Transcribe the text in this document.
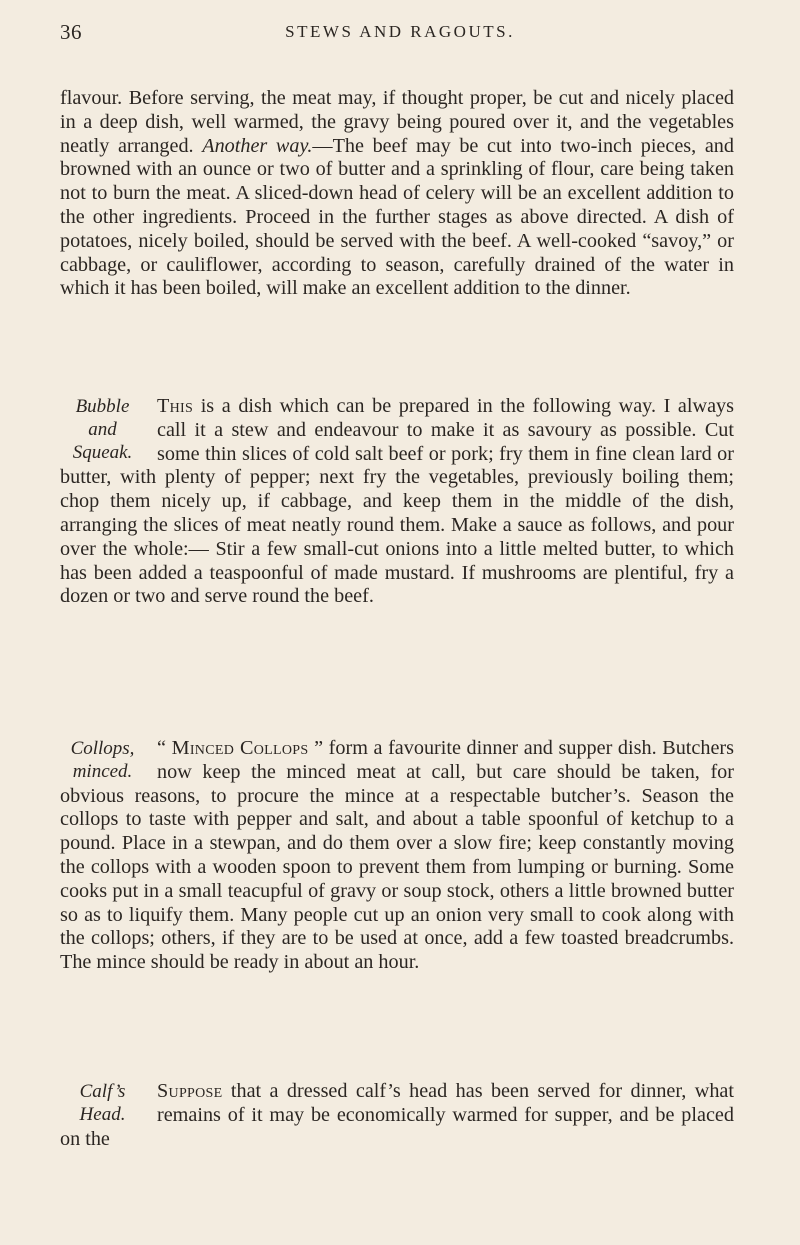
36	STEWS AND RAGOUTS.

flavour. Before serving, the meat may, if thought proper, be cut and nicely placed in a deep dish, well warmed, the gravy being poured over it, and the vegetables neatly arranged. Another way.—The beef may be cut into two-inch pieces, and browned with an ounce or two of butter and a sprinkling of flour, care being taken not to burn the meat. A sliced-down head of celery will be an excellent addition to the other ingredients. Proceed in the further stages as above directed. A dish of potatoes, nicely boiled, should be served with the beef. A well-cooked “savoy,” or cabbage, or cauliflower, according to season, carefully drained of the water in which it has been boiled, will make an excellent addition to the dinner.

Bubble and Squeak.
This is a dish which can be prepared in the following way. I always call it a stew and endeavour to make it as savoury as possible. Cut some thin slices of cold salt beef or pork; fry them in fine clean lard or butter, with plenty of pepper; next fry the vegetables, previously boiling them; chop them nicely up, if cabbage, and keep them in the middle of the dish, arranging the slices of meat neatly round them. Make a sauce as follows, and pour over the whole:— Stir a few small-cut onions into a little melted butter, to which has been added a teaspoonful of made mustard. If mushrooms are plentiful, fry a dozen or two and serve round the beef.

Collops, minced.
“ Minced Collops ” form a favourite dinner and supper dish. Butchers now keep the minced meat at call, but care should be taken, for obvious reasons, to procure the mince at a respectable butcher’s. Season the collops to taste with pepper and salt, and about a table spoonful of ketchup to a pound. Place in a stewpan, and do them over a slow fire; keep constantly moving the collops with a wooden spoon to prevent them from lumping or burning. Some cooks put in a small teacupful of gravy or soup stock, others a little browned butter so as to liquify them. Many people cut up an onion very small to cook along with the collops; others, if they are to be used at once, add a few toasted breadcrumbs. The mince should be ready in about an hour.

Calf’s Head.
Suppose that a dressed calf’s head has been served for dinner, what remains of it may be economically warmed for supper, and be placed on the
